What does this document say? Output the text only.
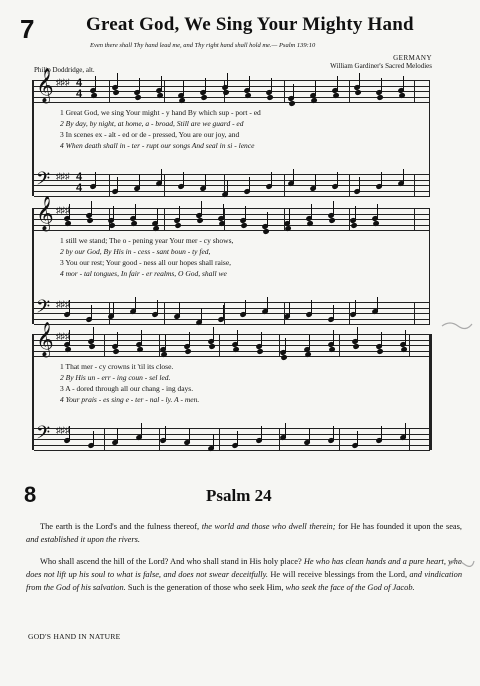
7	Great God, We Sing Your Mighty Hand
Even there shall Thy hand lead me, and Thy right hand shall hold me.— Psalm 139:10
GERMANY
William Gardiner's Sacred Melodies
Philip Doddridge, alt.
𝄞 ♯♯♯ 4
4
𝄢 ♯♯♯ 4
4
1 Great God, we sing Your might - y hand By which sup - port - ed
2 By day, by night, at home, a - broad, Still are we guard - ed
3 In scenes ex - alt - ed or de - pressed, You are our joy, and
4 When death shall in - ter - rupt our songs And seal in si - lence
𝄞 ♯♯♯
𝄢 ♯♯♯
1 still we stand; The o - pening year Your mer - cy shows,
2 by our God, By His in - cess - sant boun - ty fed,
3 You our rest; Your good - ness all our hopes shall raise,
4 mor - tal tongues, In fair - er realms, O God, shall we
𝄞 ♯♯♯
𝄢 ♯♯♯
1 That mer - cy crowns it 'til its close.
2 By His un - err - ing coun - sel led.
3 A - dored through all our chang - ing days.
4 Your prais - es sing e - ter - nal - ly. A - men.
8	Psalm 24
The earth is the Lord's and the fulness thereof, the world and those who dwell therein; for He has founded it upon the seas, and established it upon the rivers.
Who shall ascend the hill of the Lord? And who shall stand in His holy place? He who has clean hands and a pure heart, who does not lift up his soul to what is false, and does not swear deceitfully. He will receive blessings from the Lord, and vindication from the God of his salvation. Such is the generation of those who seek Him, who seek the face of the God of Jacob.
GOD'S HAND IN NATURE
